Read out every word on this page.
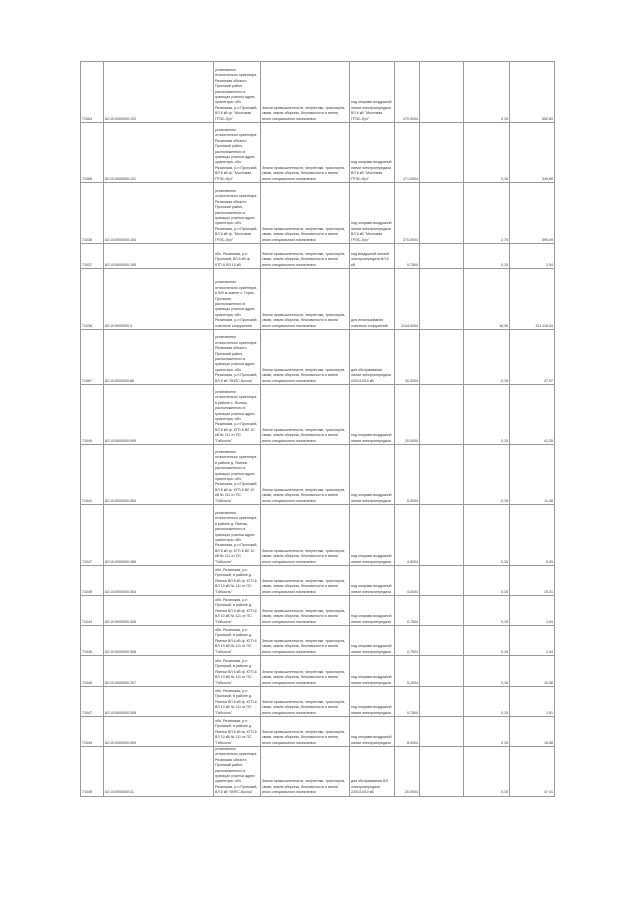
71064	62:10:0000000:102	установлено относительно ориентира Рязанская область Пронский район, расположенного в границах участка адрес ориентира: обл. Рязанская, р-н Пронский, ВЛ 6 кВ ф. "Мостовая ГРЭС-Луч"	Земли промышленности, энергетики, транспорта, связи, земли обороны, безопасности и земли иного специального назначения	под опорами воздушной линии электропередачи ВЛ 6 кВ "Мостовая ГРЭС-Луч"	270,0004		0,15	552,84
71065	62:10:0000000:101	установлено относительно ориентира Рязанская область Пронский район, расположенного в границах участка адрес ориентира: обл. Рязанская, р-н Пронский, ВЛ 6 кВ ф. "Мостовая ГРЭС-Луч"	Земли промышленности, энергетики, транспорта, связи, земли обороны, безопасности и земли иного специального назначения	под опорами воздушной линии электропередачи ВЛ 6 кВ "Мостовая ГРЭС-Луч"	171,0004		0,15	349,89
71036	62:10:0000000:164	установлено относительно ориентира Рязанская область Пронский район, расположенного в границах участка адрес ориентира: обл. Рязанская, р-н Пронский, ВЛ 6 кВ ф. "Мостовая ГРЭС-Луч"	Земли промышленности, энергетики, транспорта, связи, земли обороны, безопасности и земли иного специального назначения	под опорами воздушной линии электропередачи ВЛ 6 кВ "Мостовая ГРЭС-Луч"	270,0004		2,75	595,09
71037	62:10:0000000:165	обл. Рязанская, р-н Пронский, ВЛ 6 кВ ф. КТП-6 ВЛ 10 кВ	Земли промышленности, энергетики, транспорта, связи, земли обороны, безопасности и земли иного специального назначения	под воздушной линией электропередачи ВЛ 6 кВ	0,7504		0,15	1,54
71038	62:10:0000000:3	установлено относительно ориентира в 540 м южнее с. Горки-Пронские, расположенного в границах участка адрес ориентира: обл. Рязанская, р-н Пронский, очистные сооружения	Земли промышленности, энергетики, транспорта, связи, земли обороны, безопасности и земли иного специального назначения	для использования очистных сооружений	2144,0004		18,36	121 118,04
71067	62:10:0000000:86	установлено относительно ориентира Рязанская область Пронский район, расположенного в границах участка адрес ориентира: обл. Рязанская, р-н Пронский, ВЛ 6 кВ "КНПС-Бычок"	Земли промышленности, энергетики, транспорта, связи, земли обороны, безопасности и земли иного специального назначения	для обслуживания линии электропередачи 220/110/10 кВ	30,0004		0,15	47,97
71049	62:10:0000000:999	установлено относительно ориентира в районе с. Ясенки, расположенного в границах участка адрес ориентира: обл. Рязанская, р-н Пронский, ВЛ 6 кВ ф. КТП-6 ВЛ 10 кВ № 111 от ПС "Гибкость"	Земли промышленности, энергетики, транспорта, связи, земли обороны, безопасности и земли иного специального назначения	под опорами воздушной линии электропередачи	20,0004		0,15	41,25
71041	62:10:0000000:364	установлено относительно ориентира в районе д. Ясенки, расположенного в границах участка адрес ориентира: обл. Рязанская, р-н Пронский, ВЛ 6 кВ ф. КТП-6 ВЛ 10 кВ № 111 от ПС "Гибкость"	Земли промышленности, энергетики, транспорта, связи, земли обороны, безопасности и земли иного специального назначения	под опорами воздушной линии электропередачи	5,0004		0,15	11,48
71047	62:10:0000000:365	установлено относительно ориентира в районе д. Ясенки, расположенного в границах участка адрес ориентира: обл. Рязанская, р-н Пронский, ВЛ 6 кВ ф. КТП-6 ВЛ 10 кВ № 111 от ПС "Гибкость"	Земли промышленности, энергетики, транспорта, связи, земли обороны, безопасности и земли иного специального назначения	под опорами воздушной линии электропередачи	4,5004		0,15	5,09
71049	62:10:0000000:304	обл. Рязанская, р-н Пронский, в районе д. Ясенки ВЛ 6 кВ ф. КТП-6 ВЛ 10 кВ № 111 от ПС "Гибкость"	Земли промышленности, энергетики, транспорта, связи, земли обороны, безопасности и земли иного специального назначения	под опорами воздушной линии электропередачи	4,0004		0,15	10,31
71044	62:10:0000000:305	обл. Рязанская, р-н Пронский, в районе д. Ясенки ВЛ 6 кВ ф. КТП-6 ВЛ 10 кВ № 111 от ПС "Гибкость"	Земли промышленности, энергетики, транспорта, связи, земли обороны, безопасности и земли иного специального назначения	под опорами воздушной линии электропередачи	0,7504		0,15	1,54
71045	62:10:0000000:306	обл. Рязанская, р-н Пронский, в районе д. Ясенки ВЛ 6 кВ ф. КТП-6 ВЛ 10 кВ № 111 от ПС "Гибкость"	Земли промышленности, энергетики, транспорта, связи, земли обороны, безопасности и земли иного специального назначения	под опорами воздушной линии электропередачи	0,7504		0,15	1,54
71046	62:10:0000000:307	обл. Рязанская, р-н Пронский, в районе д. Ясенки ВЛ 6 кВ ф. КТП-6 ВЛ 10 кВ № 111 от ПС "Гибкость"	Земли промышленности, энергетики, транспорта, связи, земли обороны, безопасности и земли иного специального назначения	под опорами воздушной линии электропередачи	5,1004		0,15	10,56
71047	62:10:0000000:308	обл. Рязанская, р-н Пронский, в районе д. Ясенки ВЛ 6 кВ ф. КТП-6 ВЛ 10 кВ № 111 от ПС "Гибкость"	Земли промышленности, энергетики, транспорта, связи, земли обороны, безопасности и земли иного специального назначения	под опорами воздушной линии электропередачи	0,7504		0,15	1,51
71049	62:10:0000000:309	обл. Рязанская, р-н Пронский, в районе д. Ясенки ВЛ 6 кВ ф. КТП-6 ВЛ 10 кВ № 111 от ПС "Гибкость"	Земли промышленности, энергетики, транспорта, связи, земли обороны, безопасности и земли иного специального назначения	под опорами воздушной линии электропередачи	8,0004		0,15	16,88
71049	62:10:0000000:31	установлено относительно ориентира Рязанская область Пронский район, расположенного в границах участка адрес ориентира: обл. Рязанская, р-н Пронский, ВЛ 6 кВ "КНПС-Бычок"	Земли промышленности, энергетики, транспорта, связи, земли обороны, безопасности и земли иного специального назначения	для обслуживания ВЛ электропередачи 220/110/10 кВ	20,0004		0,15	47,41
